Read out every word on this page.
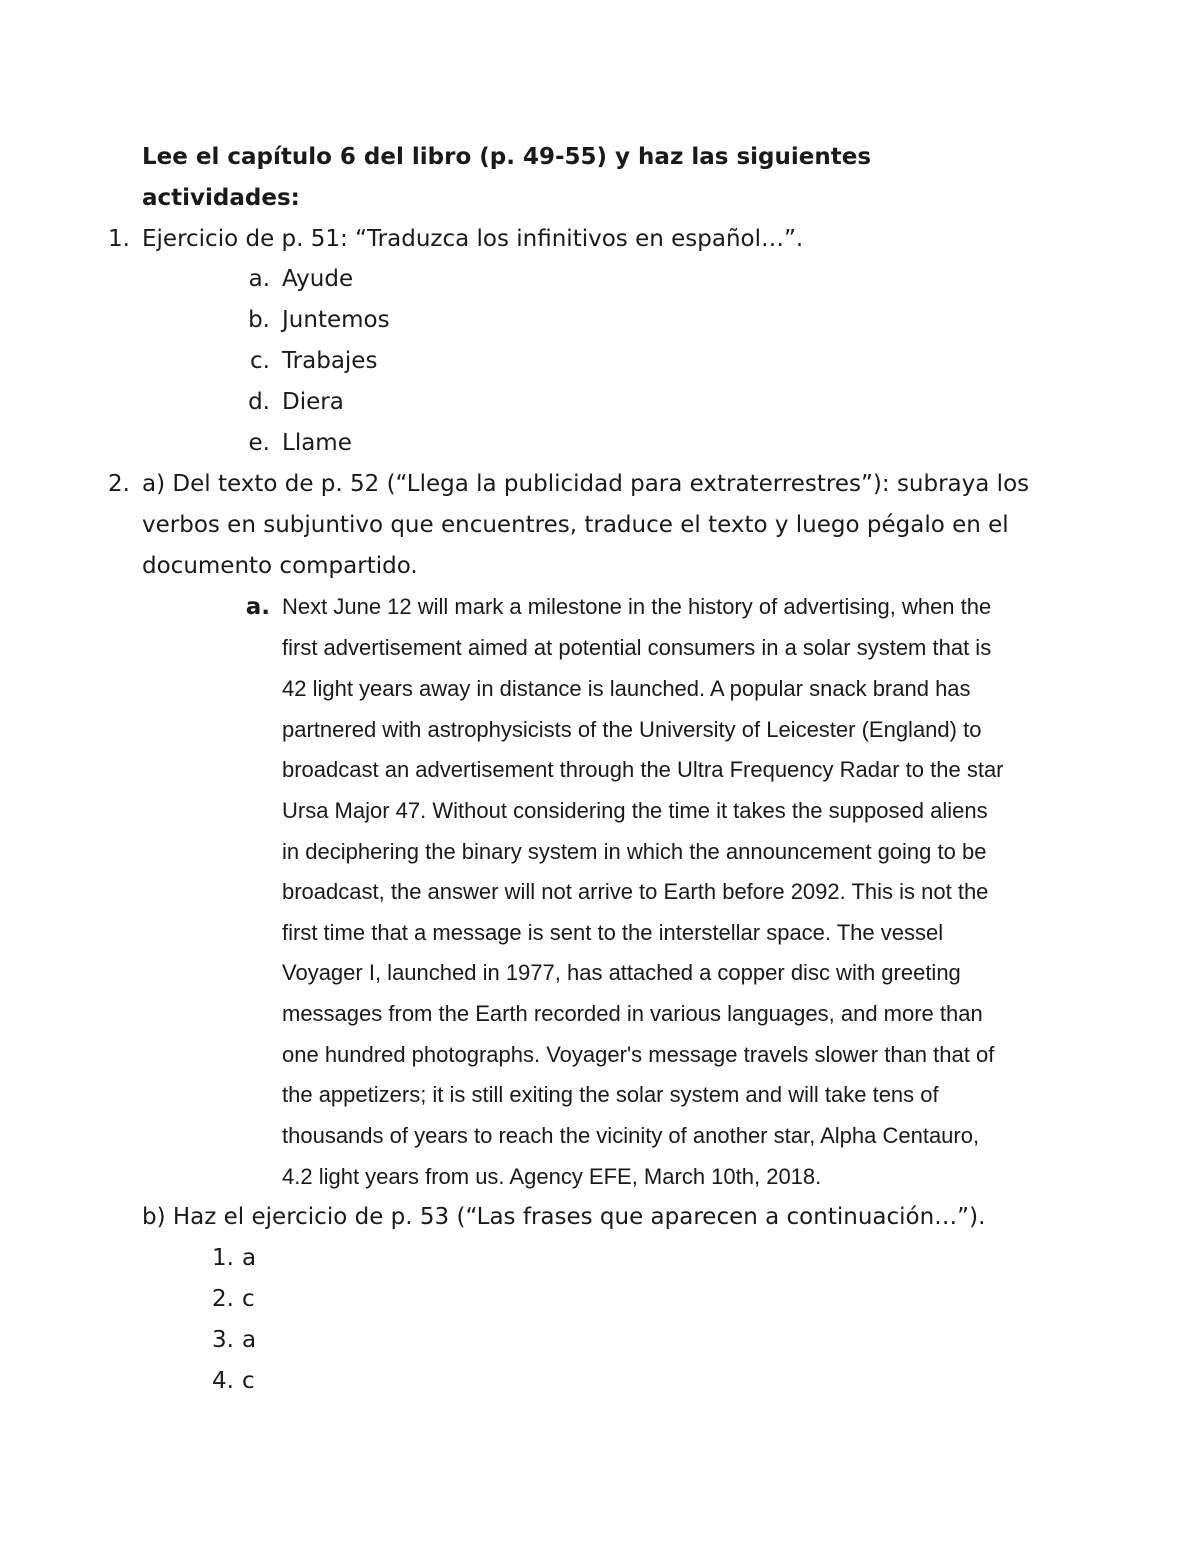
Lee el capítulo 6 del libro (p. 49-55) y haz las siguientes
actividades:
1. Ejercicio de p. 51: “Traduzca los infinitivos en español…”.
a. Ayude
b. Juntemos
c. Trabajes
d. Diera
e. Llame
2. a) Del texto de p. 52 (“Llega la publicidad para extraterrestres”): subraya los
verbos en subjuntivo que encuentres, traduce el texto y luego pégalo en el
documento compartido.
a. Next June 12 will mark a milestone in the history of advertising, when the
first advertisement aimed at potential consumers in a solar system that is
42 light years away in distance is launched. A popular snack brand has
partnered with astrophysicists of the University of Leicester (England) to
broadcast an advertisement through the Ultra Frequency Radar to the star
Ursa Major 47. Without considering the time it takes the supposed aliens
in deciphering the binary system in which the announcement going to be
broadcast, the answer will not arrive to Earth before 2092. This is not the
first time that a message is sent to the interstellar space. The vessel
Voyager I, launched in 1977, has attached a copper disc with greeting
messages from the Earth recorded in various languages, and more than
one hundred photographs. Voyager's message travels slower than that of
the appetizers; it is still exiting the solar system and will take tens of
thousands of years to reach the vicinity of another star, Alpha Centauro,
4.2 light years from us. Agency EFE, March 10th, 2018.
b) Haz el ejercicio de p. 53 (“Las frases que aparecen a continuación…”).
1. a
2. c
3. a
4. c
